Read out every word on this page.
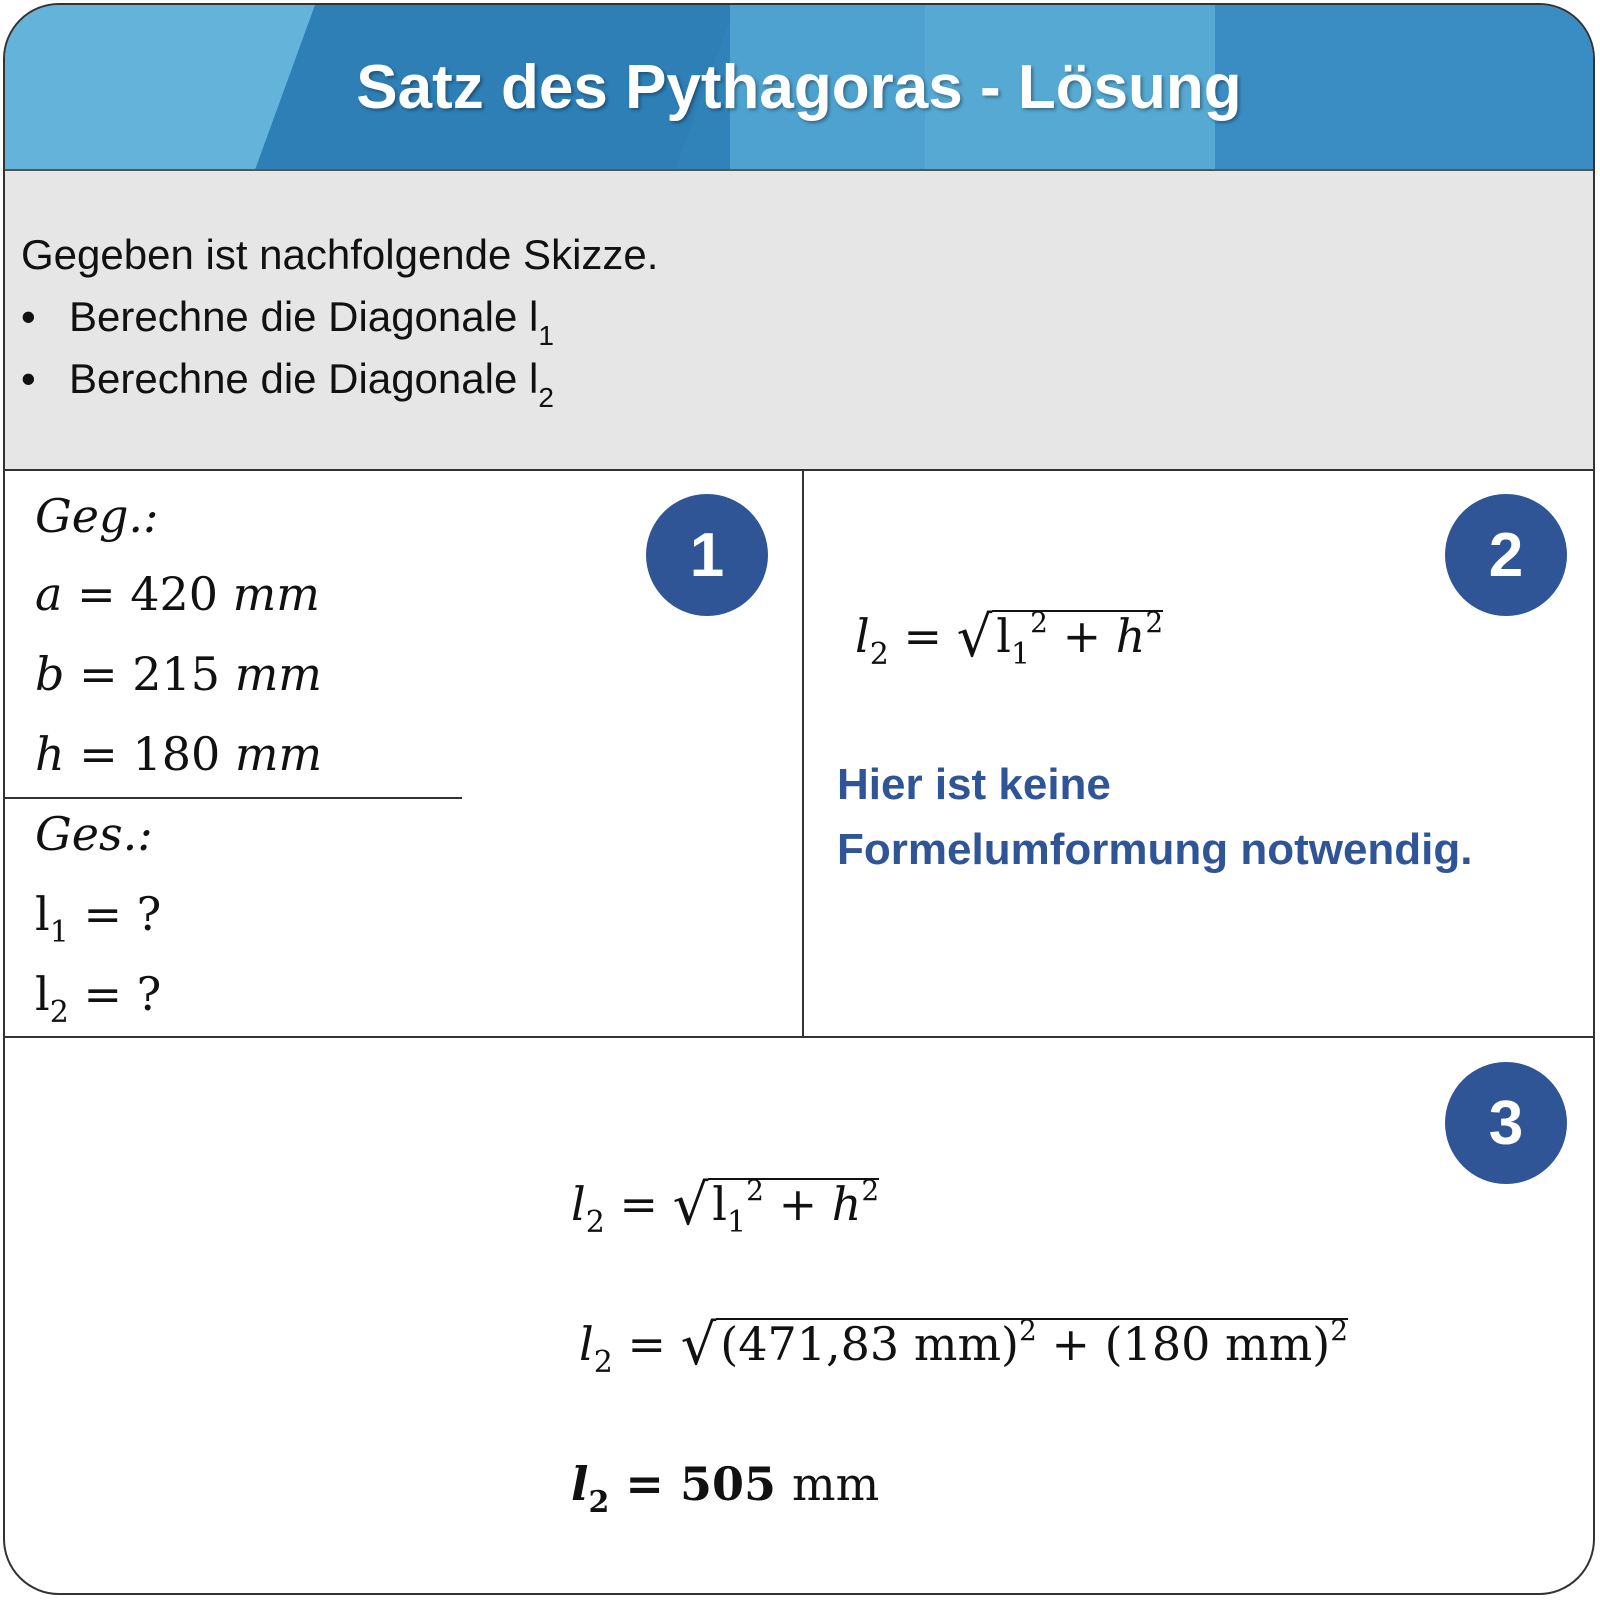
Satz des Pythagoras - Lösung
Gegeben ist nachfolgende Skizze.
• Berechne die Diagonale $l_1$
• Berechne die Diagonale $l_2$
1
Geg.:
a = 420 mm
b = 215 mm
h = 180 mm
Ges.:
$l_1$ = ?
$l_2$ = ?
2
$l_2 = √l_1^2 + h^2$
Hier ist keine
Formelumformung notwendig.
3
$l_2 = √l_1^2 + h^2$
$l_2 = √(471,83$ mm)$^2$ + (180 mm)$^2$
$l_2 = 505$ mm
